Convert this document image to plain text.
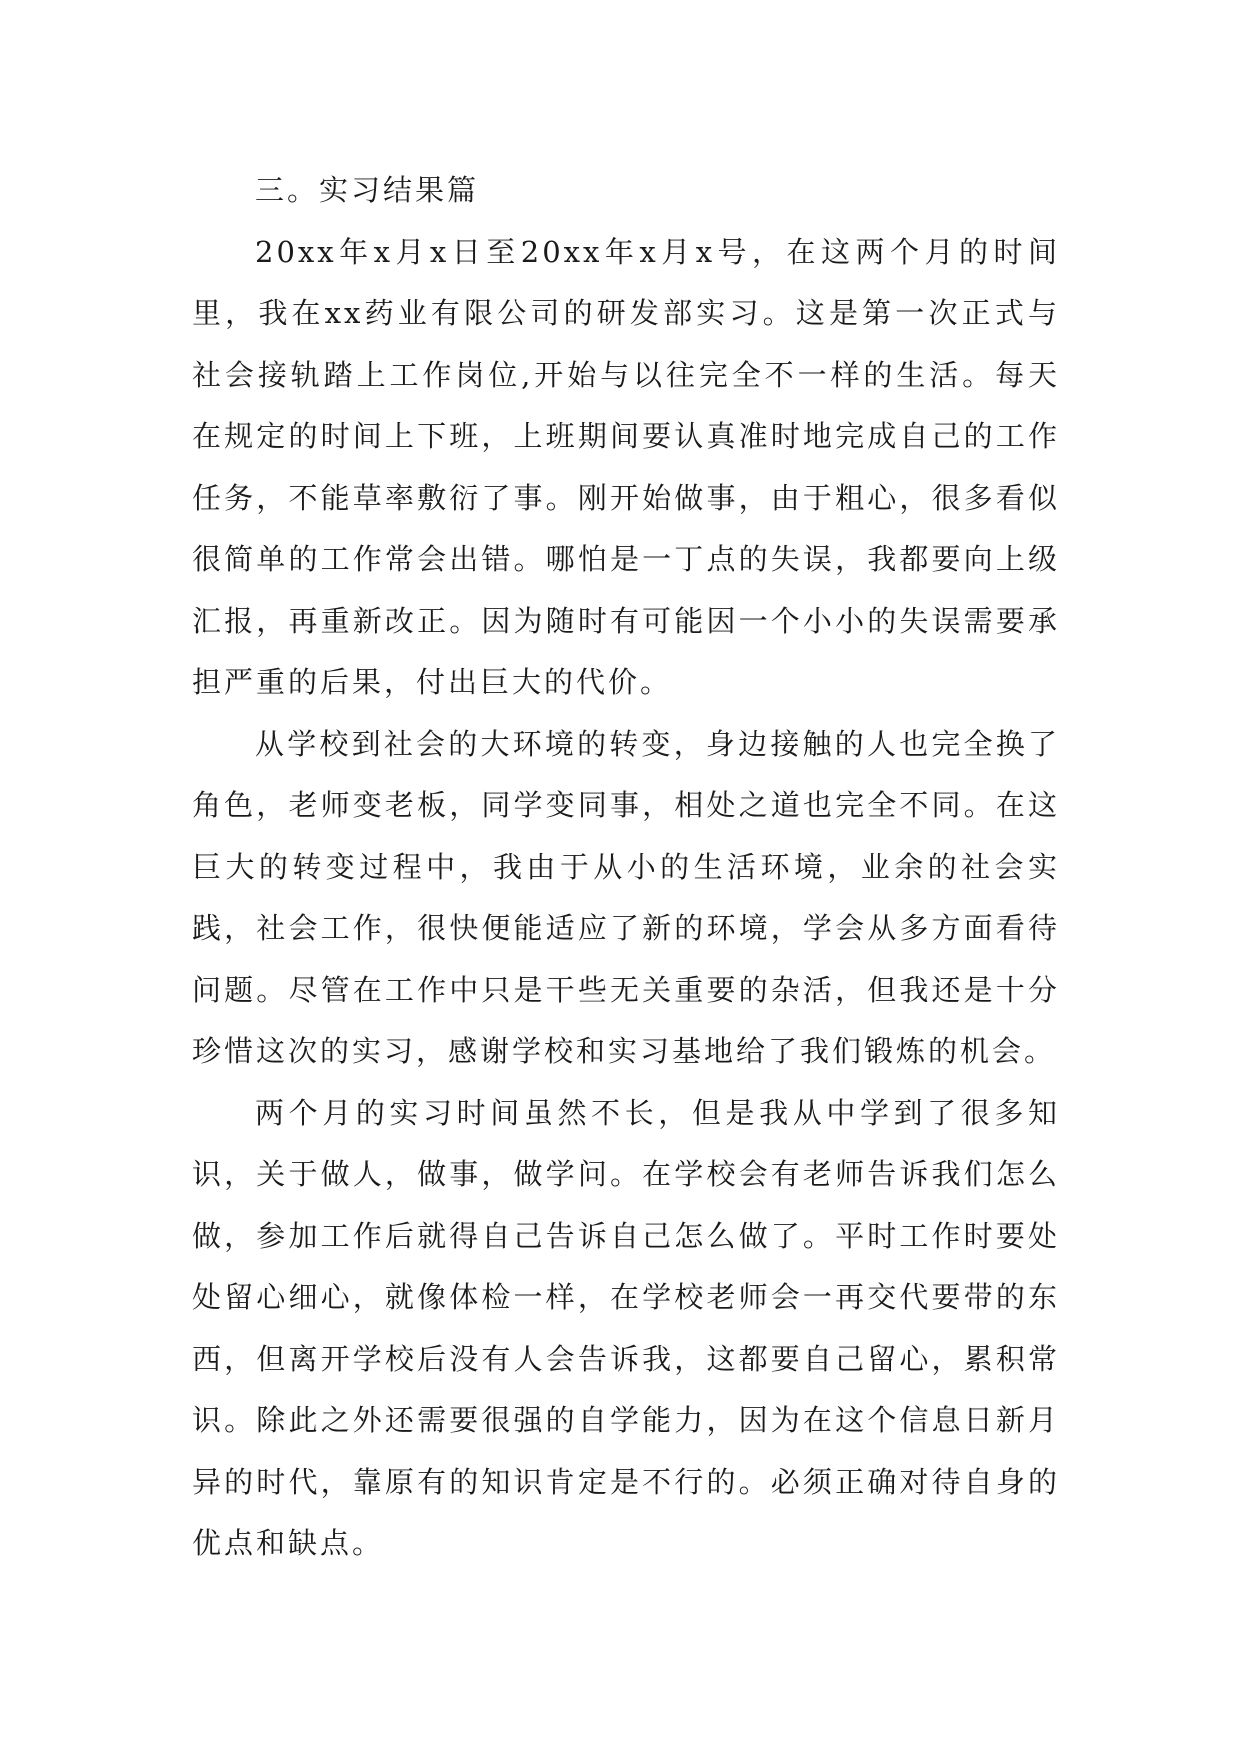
三。实习结果篇

20xx年x月x日至20xx年x月x号，在这两个月的时间里，我在xx药业有限公司的研发部实习。这是第一次正式与社会接轨踏上工作岗位,开始与以往完全不一样的生活。每天在规定的时间上下班，上班期间要认真准时地完成自己的工作任务，不能草率敷衍了事。刚开始做事，由于粗心，很多看似很简单的工作常会出错。哪怕是一丁点的失误，我都要向上级汇报，再重新改正。因为随时有可能因一个小小的失误需要承担严重的后果，付出巨大的代价。

从学校到社会的大环境的转变，身边接触的人也完全换了角色，老师变老板，同学变同事，相处之道也完全不同。在这巨大的转变过程中，我由于从小的生活环境，业余的社会实践，社会工作，很快便能适应了新的环境，学会从多方面看待问题。尽管在工作中只是干些无关重要的杂活，但我还是十分珍惜这次的实习，感谢学校和实习基地给了我们锻炼的机会。

两个月的实习时间虽然不长，但是我从中学到了很多知识，关于做人，做事，做学问。在学校会有老师告诉我们怎么做，参加工作后就得自己告诉自己怎么做了。平时工作时要处处留心细心，就像体检一样，在学校老师会一再交代要带的东西，但离开学校后没有人会告诉我，这都要自己留心，累积常识。除此之外还需要很强的自学能力，因为在这个信息日新月异的时代，靠原有的知识肯定是不行的。必须正确对待自身的优点和缺点。
